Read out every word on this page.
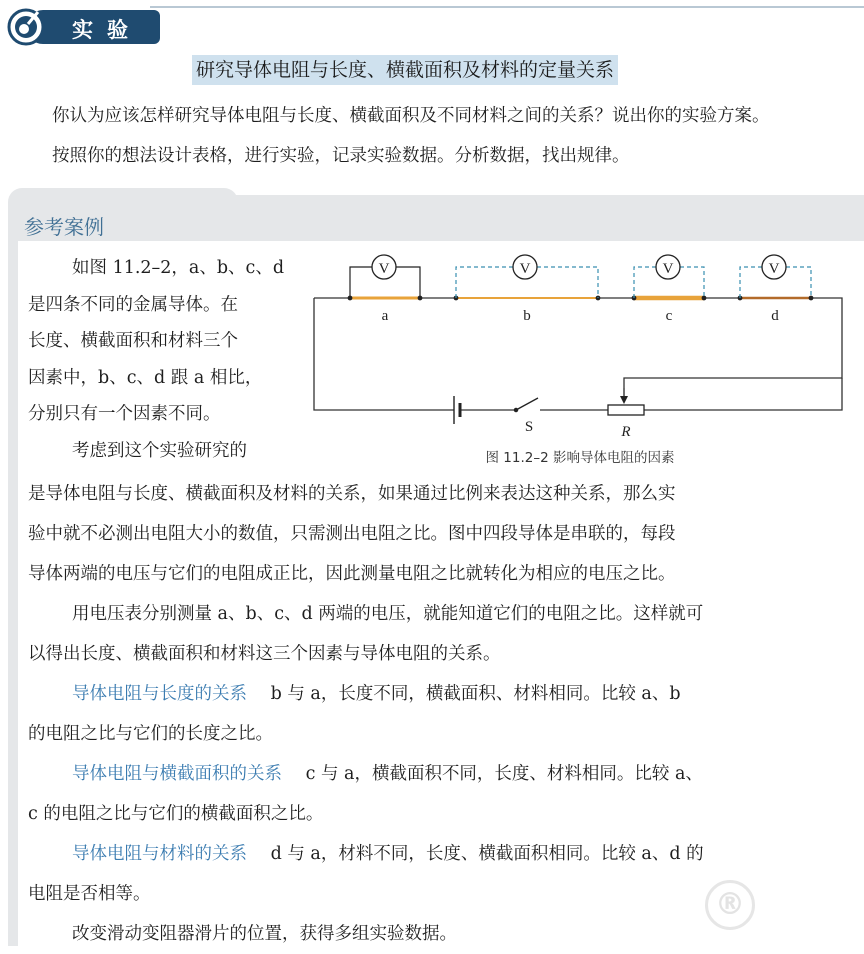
实验
研究导体电阻与长度、横截面积及材料的定量关系

你认为应该怎样研究导体电阻与长度、横截面积及不同材料之间的关系？说出你的实验方案。

按照你的想法设计表格，进行实验，记录实验数据。分析数据，找出规律。

参考案例

如图 11.2–2，a、b、c、d

是四条不同的金属导体。在

长度、横截面积和材料三个

因素中，b、c、d 跟 a 相比，

分别只有一个因素不同。

考虑到这个实验研究的

V	V	V	V
a	b	c	d
S	R
图 11.2–2 影响导体电阻的因素

是导体电阻与长度、横截面积及材料的关系，如果通过比例来表达这种关系，那么实

验中就不必测出电阻大小的数值，只需测出电阻之比。图中四段导体是串联的，每段

导体两端的电压与它们的电阻成正比，因此测量电阻之比就转化为相应的电压之比。

用电压表分别测量 a、b、c、d 两端的电压，就能知道它们的电阻之比。这样就可

以得出长度、横截面积和材料这三个因素与导体电阻的关系。

导体电阻与长度的关系 b 与 a，长度不同，横截面积、材料相同。比较 a、b

的电阻之比与它们的长度之比。

导体电阻与横截面积的关系 c 与 a，横截面积不同，长度、材料相同。比较 a、

c 的电阻之比与它们的横截面积之比。

导体电阻与材料的关系 d 与 a，材料不同，长度、横截面积相同。比较 a、d 的

电阻是否相等。

改变滑动变阻器滑片的位置，获得多组实验数据。

®
